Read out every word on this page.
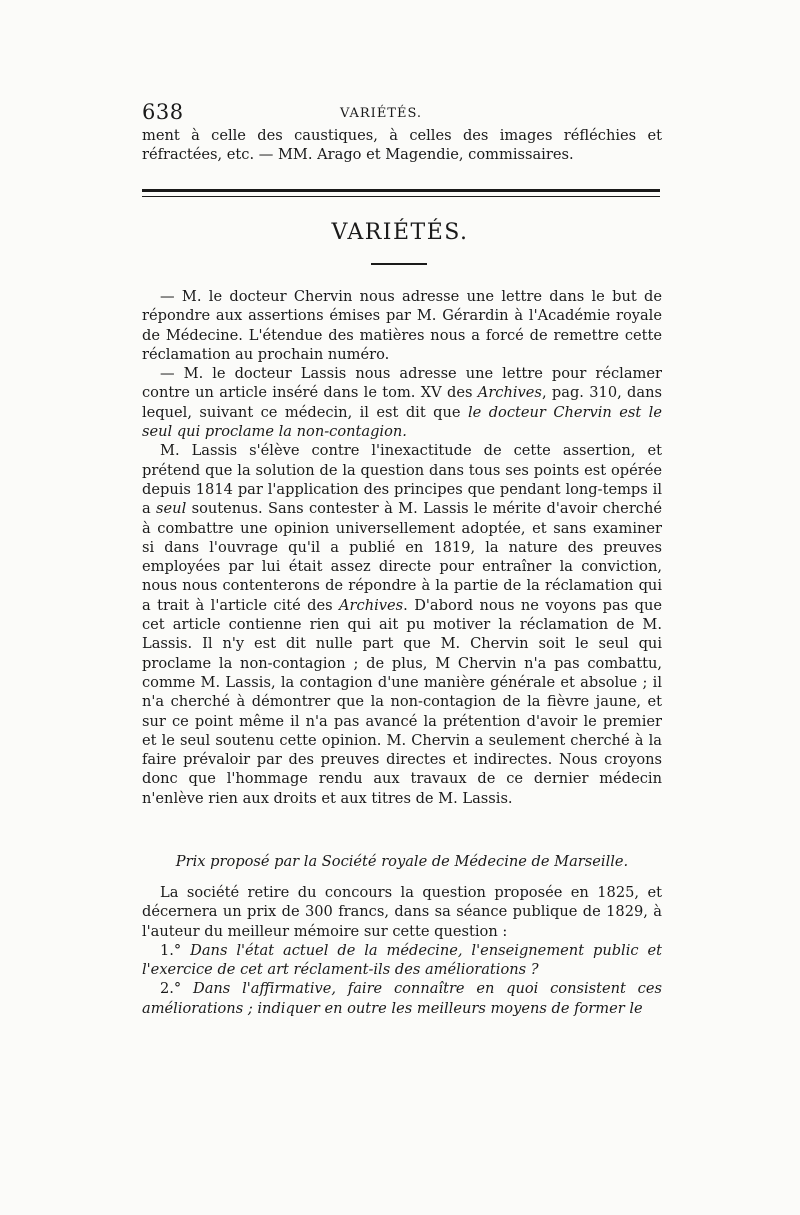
638	VARIÉTÉS.

ment à celle des caustiques, à celles des images réfléchies et réfractées, etc. — MM. Arago et Magendie, commissaires.

VARIÉTÉS.

— M. le docteur Chervin nous adresse une lettre dans le but de répondre aux assertions émises par M. Gérardin à l'Académie royale de Médecine. L'étendue des matières nous a forcé de remettre cette réclamation au prochain numéro.

— M. le docteur Lassis nous adresse une lettre pour réclamer contre un article inséré dans le tom. XV des Archives, pag. 310, dans lequel, suivant ce médecin, il est dit que le docteur Chervin est le seul qui proclame la non-contagion.

M. Lassis s'élève contre l'inexactitude de cette assertion, et prétend que la solution de la question dans tous ses points est opérée depuis 1814 par l'application des principes que pendant long-temps il a seul soutenus. Sans contester à M. Lassis le mérite d'avoir cherché à combattre une opinion universellement adoptée, et sans examiner si dans l'ouvrage qu'il a publié en 1819, la nature des preuves employées par lui était assez directe pour entraîner la conviction, nous nous contenterons de répondre à la partie de la réclamation qui a trait à l'article cité des Archives. D'abord nous ne voyons pas que cet article contienne rien qui ait pu motiver la réclamation de M. Lassis. Il n'y est dit nulle part que M. Chervin soit le seul qui proclame la non-contagion ; de plus, M Chervin n'a pas combattu, comme M. Lassis, la contagion d'une manière générale et absolue ; il n'a cherché à démontrer que la non-contagion de la fièvre jaune, et sur ce point même il n'a pas avancé la prétention d'avoir le premier et le seul soutenu cette opinion. M. Chervin a seulement cherché à la faire prévaloir par des preuves directes et indirectes. Nous croyons donc que l'hommage rendu aux travaux de ce dernier médecin n'enlève rien aux droits et aux titres de M. Lassis.

Prix proposé par la Société royale de Médecine de Marseille.

La société retire du concours la question proposée en 1825, et décernera un prix de 300 francs, dans sa séance publique de 1829, à l'auteur du meilleur mémoire sur cette question :

1.° Dans l'état actuel de la médecine, l'enseignement public et l'exercice de cet art réclament-ils des améliorations ?

2.° Dans l'affirmative, faire connaître en quoi consistent ces améliorations ; indiquer en outre les meilleurs moyens de former le
